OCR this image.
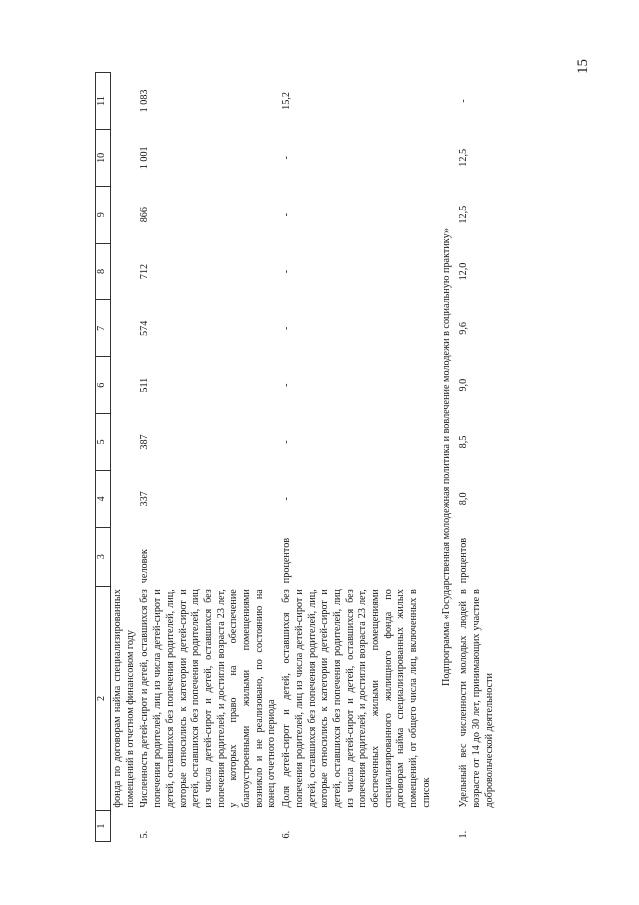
15
1	2	3	4	5	6	7	8	9	10	11
	фонда по договорам найма специализированных помещений в отчетном финансовом году									
5.	Численность детей-сирот и детей, оставшихся без попечения родителей, лиц из числа детей-сирот и детей, оставшихся без попечения родителей, лиц, которые относились к категории детей-сирот и детей, оставшихся без попечения родителей, лиц из числа детей-сирот и детей, оставшихся без попечения родителей, и достигли возраста 23 лет, у которых право на обеспечение благоустроенными жилыми помещениями возникло и не реализовано, по состоянию на конец отчетного периода	человек	337	387	511	574	712	866	1 001	1 083
6.	Доля детей-сирот и детей, оставшихся без попечения родителей, лиц из числа детей-сирот и детей, оставшихся без попечения родителей, лиц, которые относились к категории детей-сирот и детей, оставшихся без попечения родителей, лиц из числа детей-сирот и детей, оставшихся без попечения родителей, и достигли возраста 23 лет, обеспеченных жилыми помещениями специализированного жилищного фонда по договорам найма специализированных жилых помещений, от общего числа лиц, включенных в список	процентов	-	-	-	-	-	-	-	15,2
Подпрограмма «Государственная молодежная политика и вовлечение молодежи в социальную практику»										
1.	Удельный вес численности молодых людей в возрасте от 14 до 30 лет, принимающих участие в добровольческой деятельности	процентов	8,0	8,5	9,0	9,6	12,0	12,5	12,5	-
